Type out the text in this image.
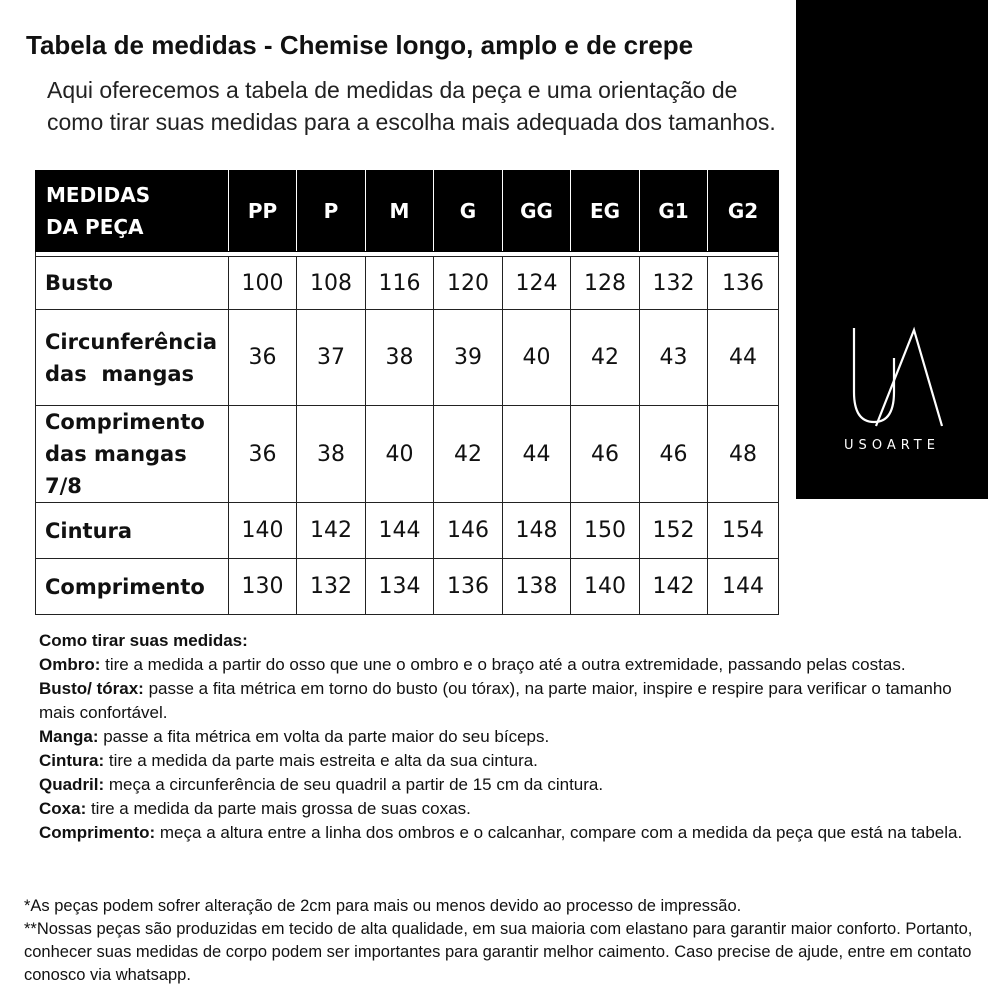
Tabela de medidas - Chemise longo, amplo e de crepe
Aqui oferecemos a tabela de medidas da peça e uma orientação de como tirar suas medidas para a escolha mais adequada dos tamanhos.
USOARTE
MEDIDAS
DA PEÇA	PP	P	M	G	GG	EG	G1	G2

Busto	100	108	116	120	124	128	132	136
Circunferência
das  mangas	36	37	38	39	40	42	43	44
Comprimento
das mangas 7/8	36	38	40	42	44	46	46	48
Cintura	140	142	144	146	148	150	152	154
Comprimento	130	132	134	136	138	140	142	144
Como tirar suas medidas:
Ombro: tire a medida a partir do osso que une o ombro e o braço até a outra extremidade, passando pelas costas.
Busto/ tórax: passe a fita métrica em torno do busto (ou tórax), na parte maior, inspire e respire para verificar o tamanho mais confortável.
Manga: passe a fita métrica em volta da parte maior do seu bíceps.
Cintura: tire a medida da parte mais estreita e alta da sua cintura.
Quadril: meça a circunferência de seu quadril a partir de 15 cm da cintura.
Coxa: tire a medida da parte mais grossa de suas coxas.
Comprimento: meça a altura entre a linha dos ombros e o calcanhar, compare com a medida da peça que está na tabela.
*As peças podem sofrer alteração de 2cm para mais ou menos devido ao processo de impressão.
**Nossas peças são produzidas em tecido de alta qualidade, em sua maioria com elastano para garantir maior conforto. Portanto, conhecer suas medidas de corpo podem ser importantes para garantir melhor caimento. Caso precise de ajude, entre em contato conosco via whatsapp.
